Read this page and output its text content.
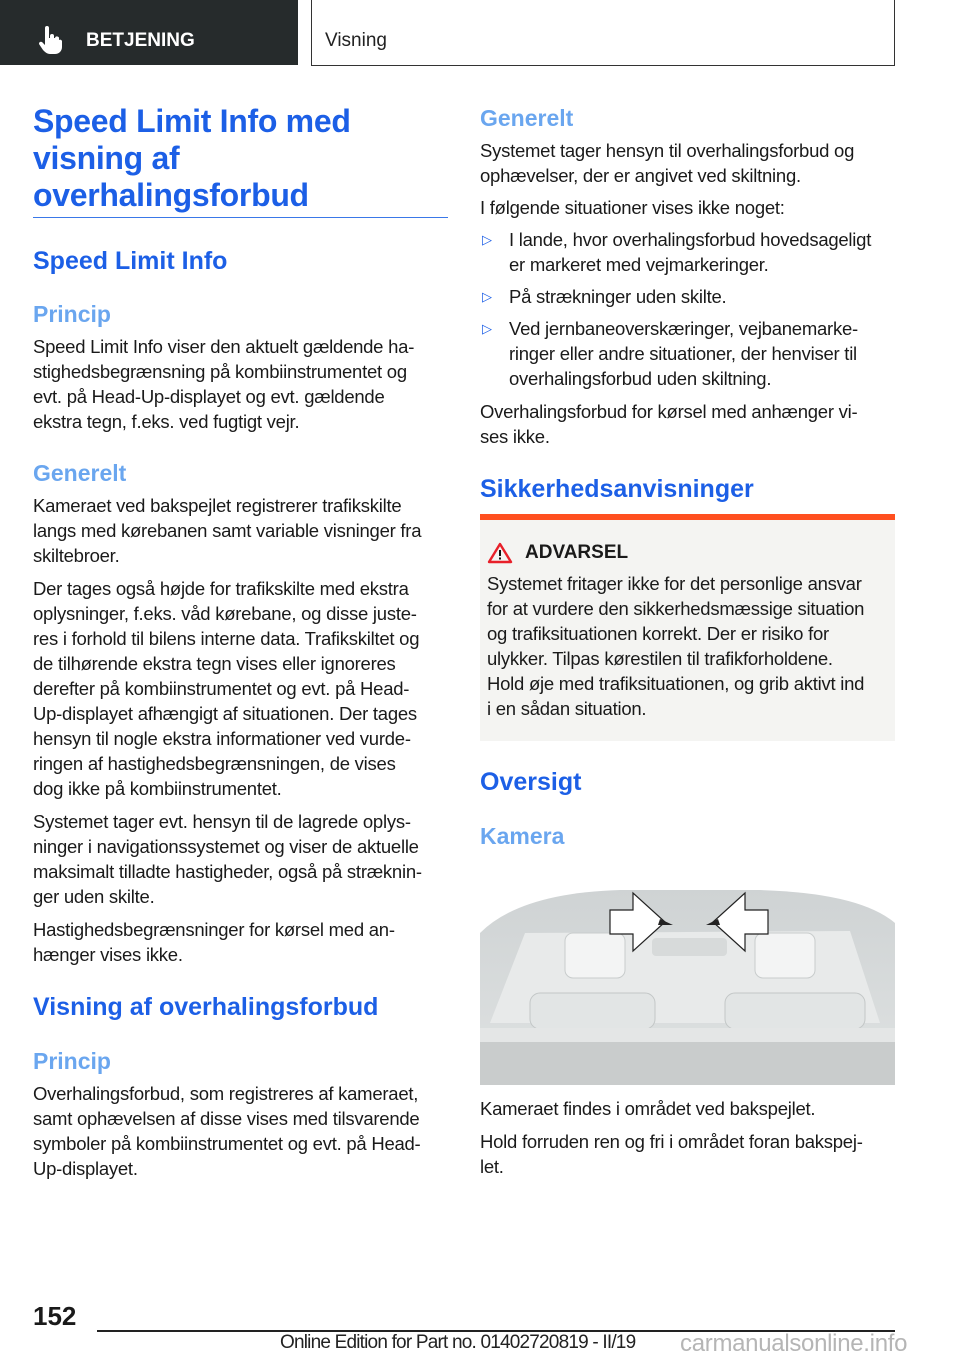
BETJENING	Visning
Speed Limit Info med
visning af
overhalingsforbud
Speed Limit Info
Princip
Speed Limit Info viser den aktuelt gældende ha-
stighedsbegrænsning på kombiinstrumentet og
evt. på Head-Up-displayet og evt. gældende
ekstra tegn, f.eks. ved fugtigt vejr.
Generelt
Kameraet ved bakspejlet registrerer trafikskilte
langs med kørebanen samt variable visninger fra
skiltebroer.
Der tages også højde for trafikskilte med ekstra
oplysninger, f.eks. våd kørebane, og disse juste-
res i forhold til bilens interne data. Trafikskiltet og
de tilhørende ekstra tegn vises eller ignoreres
derefter på kombiinstrumentet og evt. på Head-
Up-displayet afhængigt af situationen. Der tages
hensyn til nogle ekstra informationer ved vurde-
ringen af hastighedsbegrænsningen, de vises
dog ikke på kombiinstrumentet.
Systemet tager evt. hensyn til de lagrede oplys-
ninger i navigationssystemet og viser de aktuelle
maksimalt tilladte hastigheder, også på stræknin-
ger uden skilte.
Hastighedsbegrænsninger for kørsel med an-
hænger vises ikke.
Visning af overhalingsforbud
Princip
Overhalingsforbud, som registreres af kameraet,
samt ophævelsen af disse vises med tilsvarende
symboler på kombiinstrumentet og evt. på Head-
Up-displayet.
Generelt
Systemet tager hensyn til overhalingsforbud og
ophævelser, der er angivet ved skiltning.
I følgende situationer vises ikke noget:
▷ I lande, hvor overhalingsforbud hovedsageligt
er markeret med vejmarkeringer.
▷ På strækninger uden skilte.
▷ Ved jernbaneoverskæringer, vejbanemarke-
ringer eller andre situationer, der henviser til
overhalingsforbud uden skiltning.
Overhalingsforbud for kørsel med anhænger vi-
ses ikke.
Sikkerhedsanvisninger
ADVARSEL
Systemet fritager ikke for det personlige ansvar
for at vurdere den sikkerhedsmæssige situation
og trafiksituationen korrekt. Der er risiko for
ulykker. Tilpas kørestilen til trafikforholdene.
Hold øje med trafiksituationen, og grib aktivt ind
i en sådan situation.
Oversigt
Kamera
Kameraet findes i området ved bakspejlet.
Hold forruden ren og fri i området foran bakspej-
let.
152
Online Edition for Part no. 01402720819 - II/19 carmanualsonline.info
